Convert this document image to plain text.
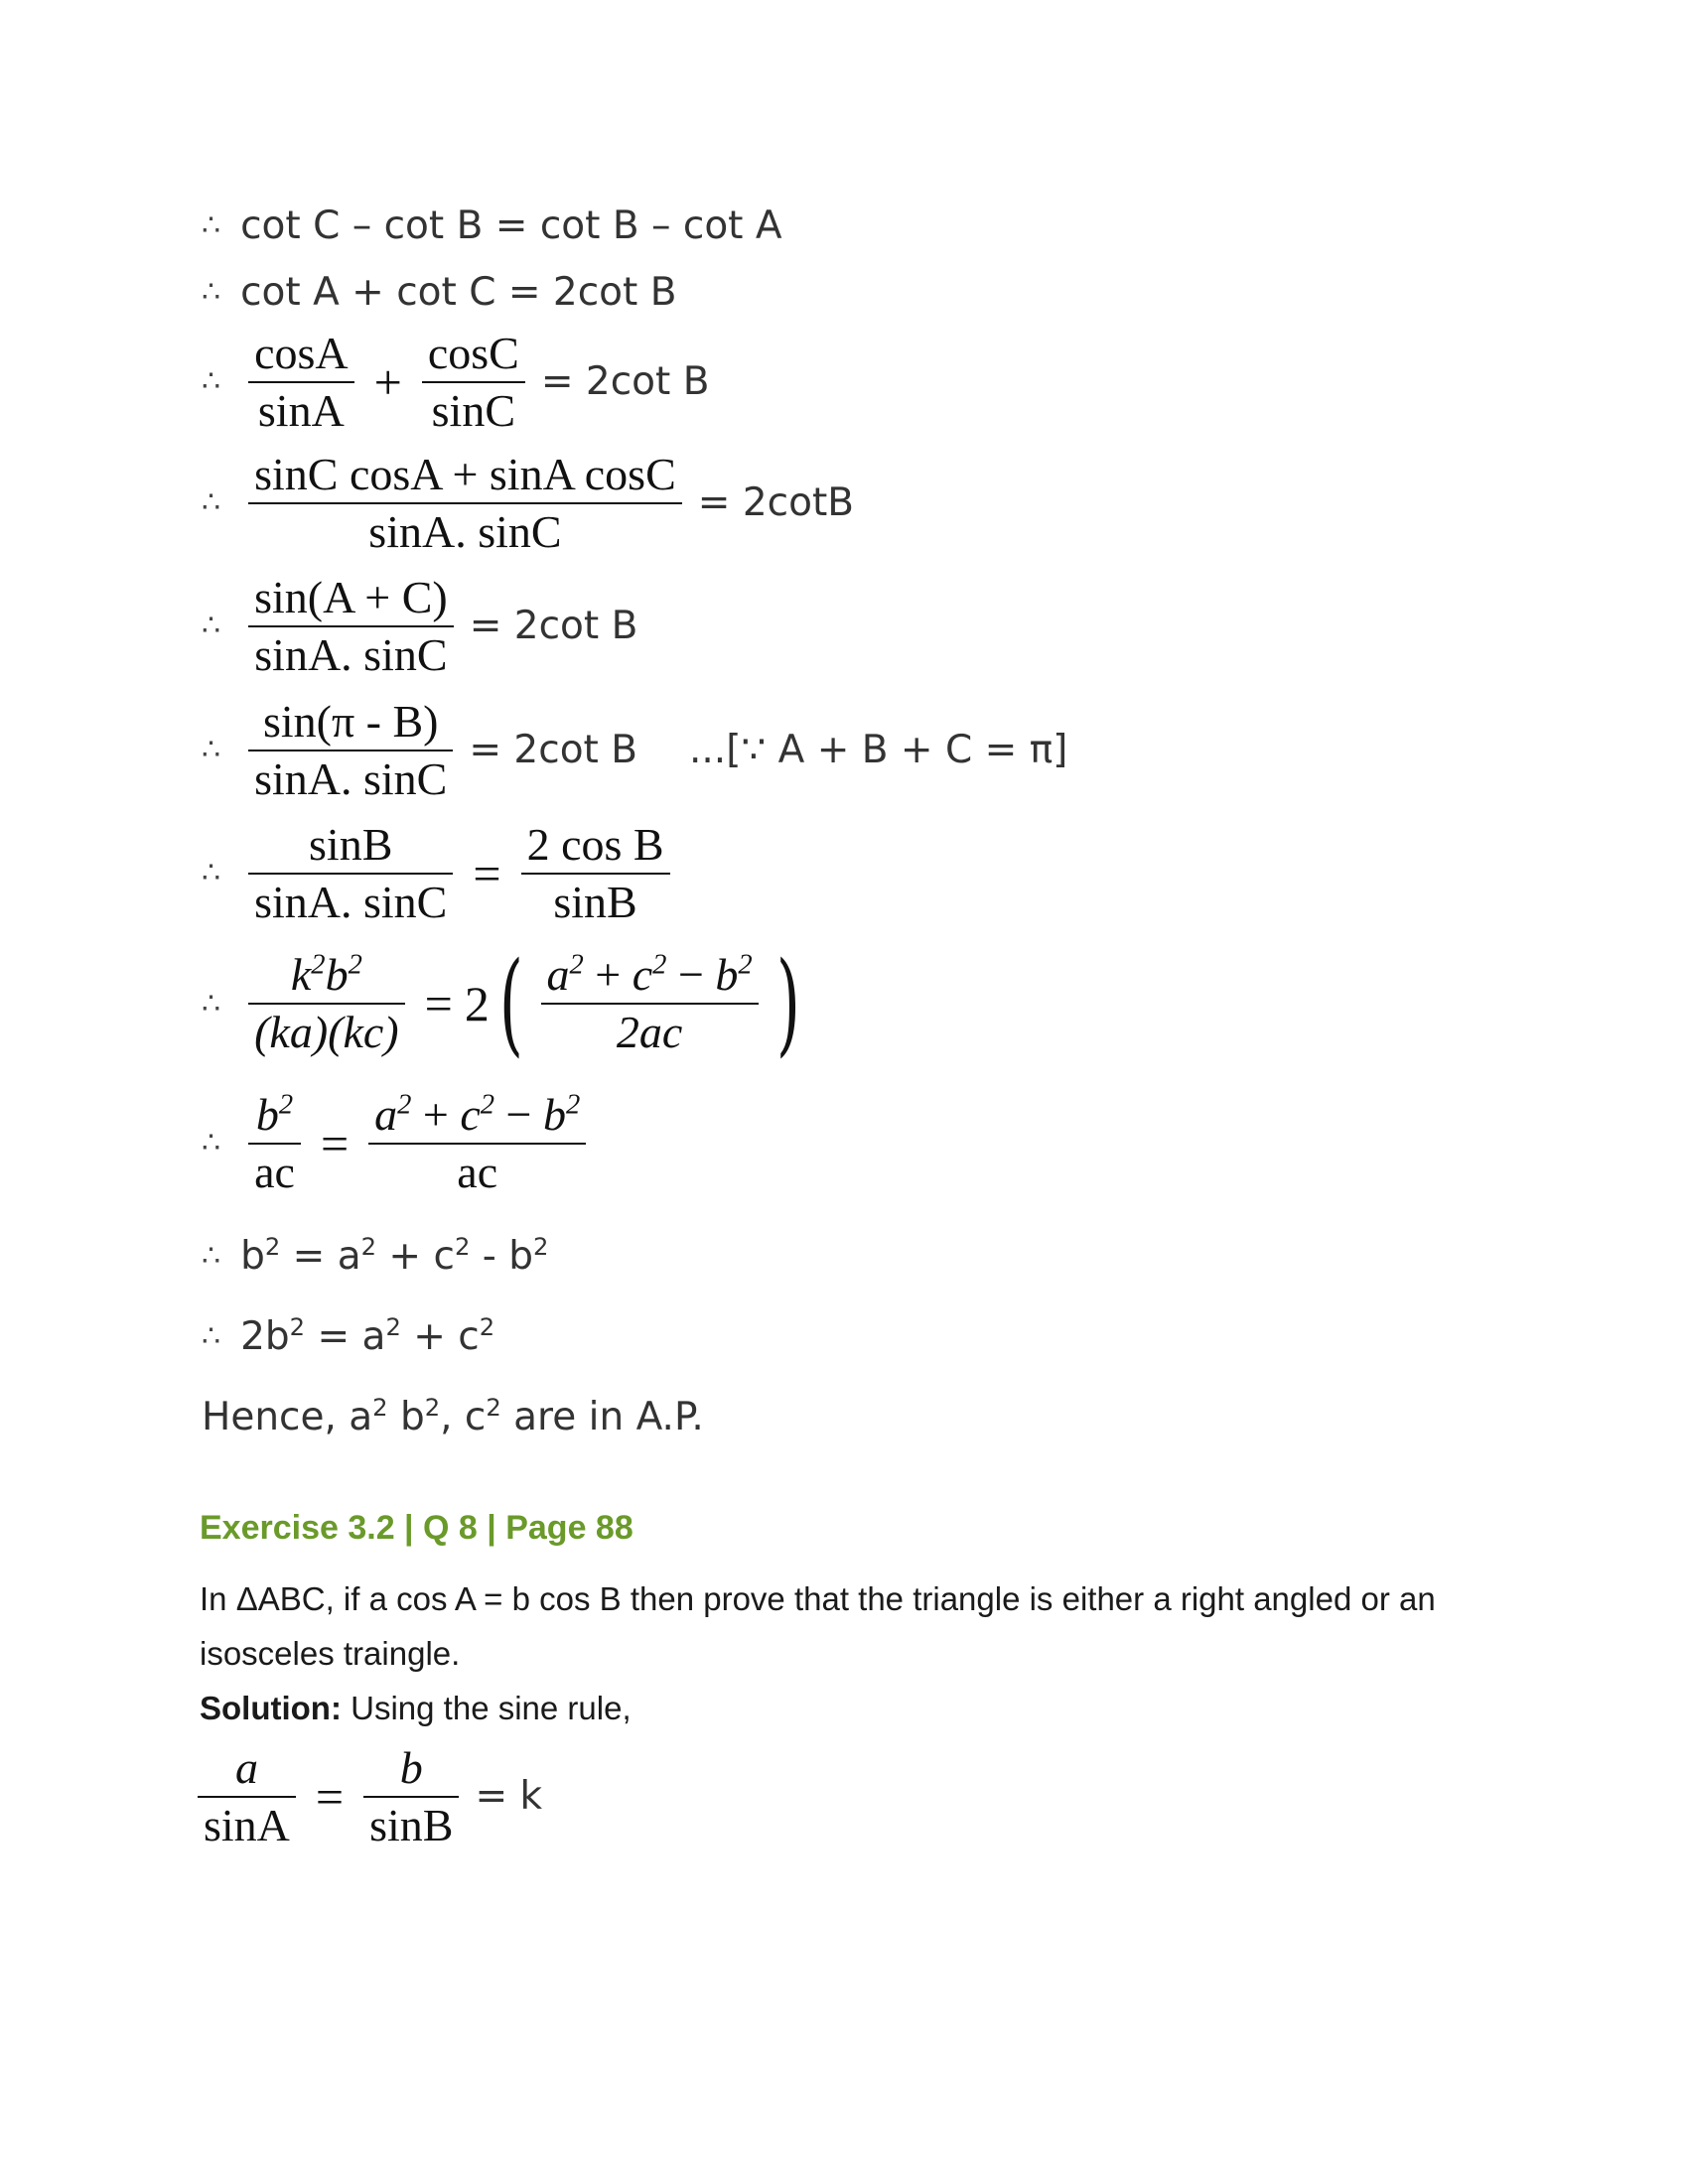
∴ cot C – cot B = cot B – cot A
∴ cot A + cot C = 2cot B
∴ $\frac{\cos A}{\sin A} + \frac{\cos C}{\sin C} = 2\cot$ B
∴ $\frac{\text{sinC cosA + sinA cosC}}{\sin A. \sin C} = 2\cot B$
∴ $\frac{\sin(A + C)}{\sin A. \sin C} = 2\cot$ B
∴ $\frac{\sin(\pi - B)}{\sin A. \sin C} = 2\cot$ B ...[∵ A + B + C = π]
∴ $\frac{\sin B}{\sin A. \sin C} = \frac{\text{2 cos B}}{\sin B}$
∴ $\frac{k^2b^2}{(ka)(kc)} = 2$ ( $\frac{a^2 + c^2 - b^2}{2ac}$ )
∴ $\frac{b^2}{ac} = \frac{a^2 + c^2 - b^2}{ac}$
∴ $b^2 = a^2 + c^2 - b^2$
∴ $2b^2 = a^2 + c^2$
Hence, $a^2$ $b^2$, $c^2$ are in A.P.
Exercise 3.2 | Q 8 | Page 88
In ΔABC, if a cos A = b cos B then prove that the triangle is either a right angled or an
isosceles traingle.
Solution: Using the sine rule,
$\frac{a}{\sin A} = \frac{b}{\sin B} = k$
